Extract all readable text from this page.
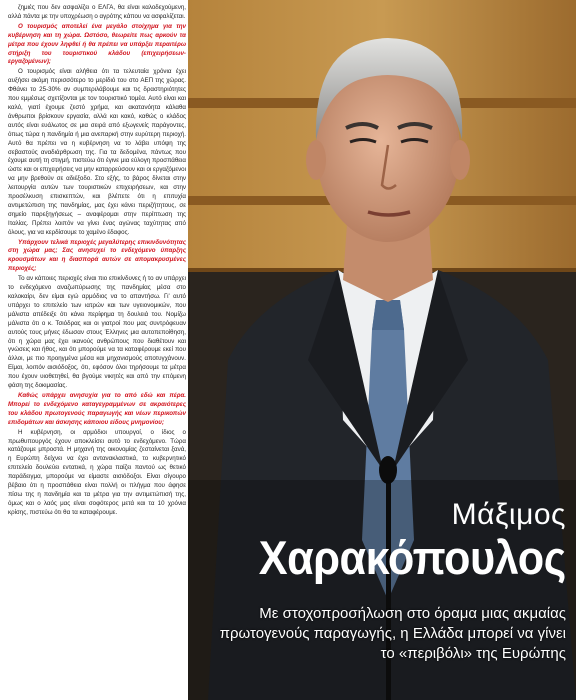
ζημιές που δεν ασφαλίζει ο ΕΛΓΑ, θα είναι καλοδεχούμενη, αλλά πάντα με την υποχρέωση ο αγρότης κάπου να ασφαλίζεται.

Ο τουρισμός αποτελεί ένα μεγάλο στοίχημα για την κυβέρνηση και τη χώρα. Ωστόσο, θεωρείτε πως αρκούν τα μέτρα που έχουν ληφθεί ή θα πρέπει να υπάρξει περαιτέρω στήριξη του τουριστικού κλάδου (επιχειρήσεων-εργαζομένων);

Ο τουρισμός είναι αλήθεια ότι τα τελευταία χρόνια έχει αυξήσει ακόμη περισσότερο το μερίδιό του στο ΑΕΠ της χώρας. Φθάνει το 25-30% αν συμπεριλάβουμε και τις δραστηριότητες που εμμέσως σχετίζονται με τον τουριστικό τομέα. Αυτό είναι και καλό, γιατί έχουμε ζεστό χρήμα, και ακατανόητα κάλαθα άνθρωποι βρίσκουν εργασία, αλλά και κακό, καθώς ο κλάδος αυτός είναι ευάλωτος σε μια σειρά από εξωγενείς παράγοντες, όπως τώρα η πανδημία ή μια ανεπαρκή στην ευρύτερη περιοχή. Αυτό θα πρέπει να η κυβέρνηση να το λάβει υπόψη της σεβαστούς αναδιάρθρωση της. Για τα δεδομένα, πάντως που έχουμε αυτή τη στιγμή, πιστεύω ότι έγινε μια εύλογη προσπάθεια ώστε και οι επιχειρήσεις να μην καταρρεύσουν και οι εργαζόμενοι να μην βρεθούν σε αδιέξοδο. Στο εξής, το βάρος δίνεται στην λειτουργία αυτών των τουριστικών επιχειρήσεων, και στην προσέλκυση επισκεπτών, και βλέπετε ότι η επιτυχία αντιμετώπιση της πανδημίας, μας έχει κάνει περιζήτητους, σε σημείο παρεξηγήσεως – αναφέρομαι στην περίπτωση της Ιταλίας. Πρέπει λοιπόν να γίνει ένας αγώνας ταχύτητας από όλους, για να κερδίσουμε το χαμένο έδαφος.

Υπάρχουν τελικά περιοχές μεγαλύτερης επικινδυνότητας στη χώρα μας; Σας ανησυχεί το ενδεχόμενο ύπαρξης κρουσμάτων και η διασπορά αυτών σε απομακρυσμένες περιοχές;

Το αν κάποιες περιοχές είναι πιο επικίνδυνες ή το αν υπάρχει το ενδεχόμενο αναζωπύρωσης της πανδημίας μέσα στο καλοκαίρι, δεν είμαι εγώ αρμόδιος να το απαντήσω. Γι' αυτό υπάρχει το επιτελείο των ιατρών και των υγειονομικών, που μάλιστα απέδειξε ότι κάνει περίφημα τη δουλειά του. Νομίζω μάλιστα ότι ο κ. Τσιόδρας και οι γιατροί που μας συντρόφευαν αυτούς τους μήνες έδωσαν στους Έλληνες μια αυτοπεποίθηση, ότι η χώρα μας έχει ικανούς ανθρώπους που διαθέτουν και γνώσεις και ήθος, και ότι μπορούμε να τα καταφέρουμε εκεί που άλλοι, με πιο προηγμένα μέσα και μηχανισμούς αποτυγχάνουν. Είμαι, λοιπόν αισιόδοξος, ότι, εφόσον όλοι τηρήσουμε τα μέτρα που έχουν υιοθετηθεί, θα βγούμε νικητές και από την επόμενη φάση της δοκιμασίας.

Καθώς υπάρχει ανησυχία για το από εδώ και πέρα. Μπορεί το ενδεχόμενο καταγεγραμμένων σε ακραιότερες του κλάδου πρωτογενούς παραγωγής και νέων περικοπών επιδομάτων και άσκησης κάποιου είδους μνημονίου;

Η κυβέρνηση, οι αρμόδιοι υπουργοί, ο ίδιος ο πρωθυπουργός έχουν αποκλείσει αυτό το ενδεχόμενο. Τώρα κατάζουμε μπροστά. Η μηχανή της οικονομίας ζεσταίνεται ξανά, η Ευρώπη δείχνει να έχει αντανακλαστικά, το κυβερνητικό επιτελείο δουλεύει εντατικά, η χώρα παίζει παντού ως θετικό παράδειγμα, μπορούμε να είμαστε αισιόδοξοι. Είναι σίγουρο βέβαιο ότι η προσπάθεια είναι πολλή οι πλήγμα που άφησε πίσω της η πανδημία και τα μέτρα για την αντιμετώπισή της, όμως και ο λαός μας είναι σοφότερος μετά και τα 10 χρόνια κρίσης, πιστεύω ότι θα τα καταφέρουμε.	Μάξιμος
Χαρακόπουλος
Με στοχοπροσήλωση στο όραμα μιας ακμαίας πρωτογενούς παραγωγής, η Ελλάδα μπορεί να γίνει το «περιβόλι» της Ευρώπης
